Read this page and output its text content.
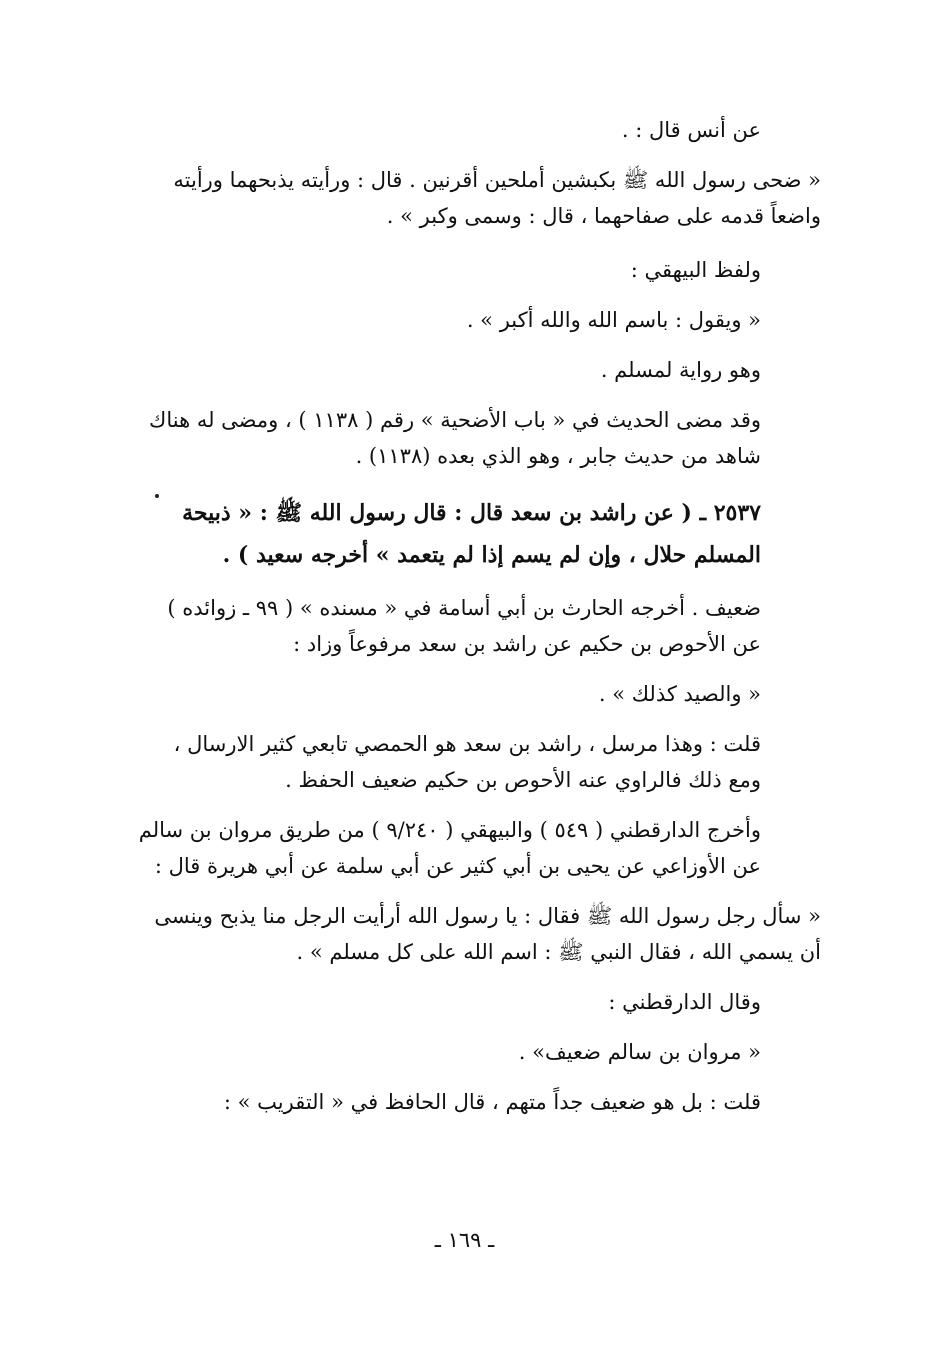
عن أنس قال : .

« ضحى رسول الله ﷺ بكبشين أملحين أقرنين . قال : ورأيته يذبحهما ورأيته واضعاً قدمه على صفاحهما ، قال : وسمى وكبر » .

ولفظ البيهقي :

« ويقول : باسم الله والله أكبر » .

وهو رواية لمسلم .

وقد مضى الحديث في « باب الأضحية » رقم ( ١١٣٨ ) ، ومضى له هناك شاهد من حديث جابر ، وهو الذي بعده (١١٣٨) .

٢٥٣٧ ـ ( عن راشد بن سعد قال : قال رسول الله ﷺ : « ذبيحة المسلم حلال ، وإن لم يسم إذا لم يتعمد » أخرجه سعيد ) .

ضعيف . أخرجه الحارث بن أبي أسامة في « مسنده » ( ٩٩ ـ زوائده ) عن الأحوص بن حكيم عن راشد بن سعد مرفوعاً وزاد :

« والصيد كذلك » .

قلت : وهذا مرسل ، راشد بن سعد هو الحمصي تابعي كثير الارسال ، ومع ذلك فالراوي عنه الأحوص بن حكيم ضعيف الحفظ .

وأخرج الدارقطني ( ٥٤٩ ) والبيهقي ( ٩/٢٤٠ ) من طريق مروان بن سالم عن الأوزاعي عن يحيى بن أبي كثير عن أبي سلمة عن أبي هريرة قال :

« سأل رجل رسول الله ﷺ فقال : يا رسول الله أرأيت الرجل منا يذبح وينسى أن يسمي الله ، فقال النبي ﷺ : اسم الله على كل مسلم » .

وقال الدارقطني :

« مروان بن سالم ضعيف» .

قلت : بل هو ضعيف جداً متهم ، قال الحافظ في « التقريب » :

ـ ١٦٩ ـ
